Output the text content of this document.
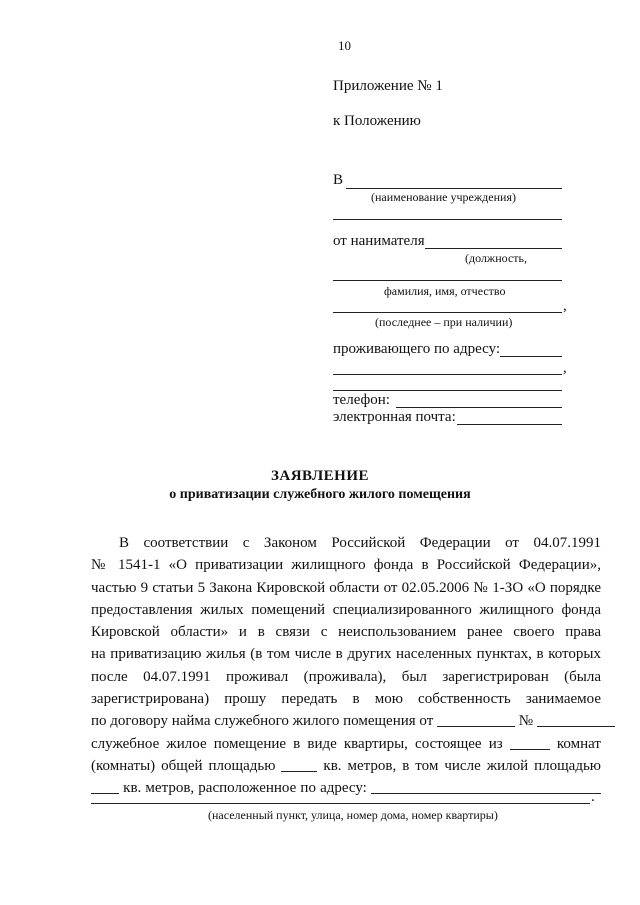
10
Приложение № 1
к Положению
В
(наименование учреждения)
от нанимателя
(должность,
фамилия, имя, отчество
,
(последнее – при наличии)
проживающего по адресу:
,
телефон:
электронная почта:
ЗАЯВЛЕНИЕ
о приватизации служебного жилого помещения
В соответствии с Законом Российской Федерации от 04.07.1991
№ 1541-1 «О приватизации жилищного фонда в Российской Федерации»,
частью 9 статьи 5 Закона Кировской области от 02.05.2006 № 1-ЗО «О порядке
предоставления жилых помещений специализированного жилищного фонда
Кировской области» и в связи с неиспользованием ранее своего права
на приватизацию жилья (в том числе в других населенных пунктах, в которых
после 04.07.1991 проживал (проживала), был зарегистрирован (была
зарегистрирована) прошу передать в мою собственность занимаемое
по договору найма служебного жилого помещения от	№
служебное жилое помещение в виде квартиры, состоящее из	комнат
(комнаты) общей площадью	кв. метров, в том числе жилой площадью
кв. метров, расположенное по адресу:
.
(населенный пункт, улица, номер дома, номер квартиры)
